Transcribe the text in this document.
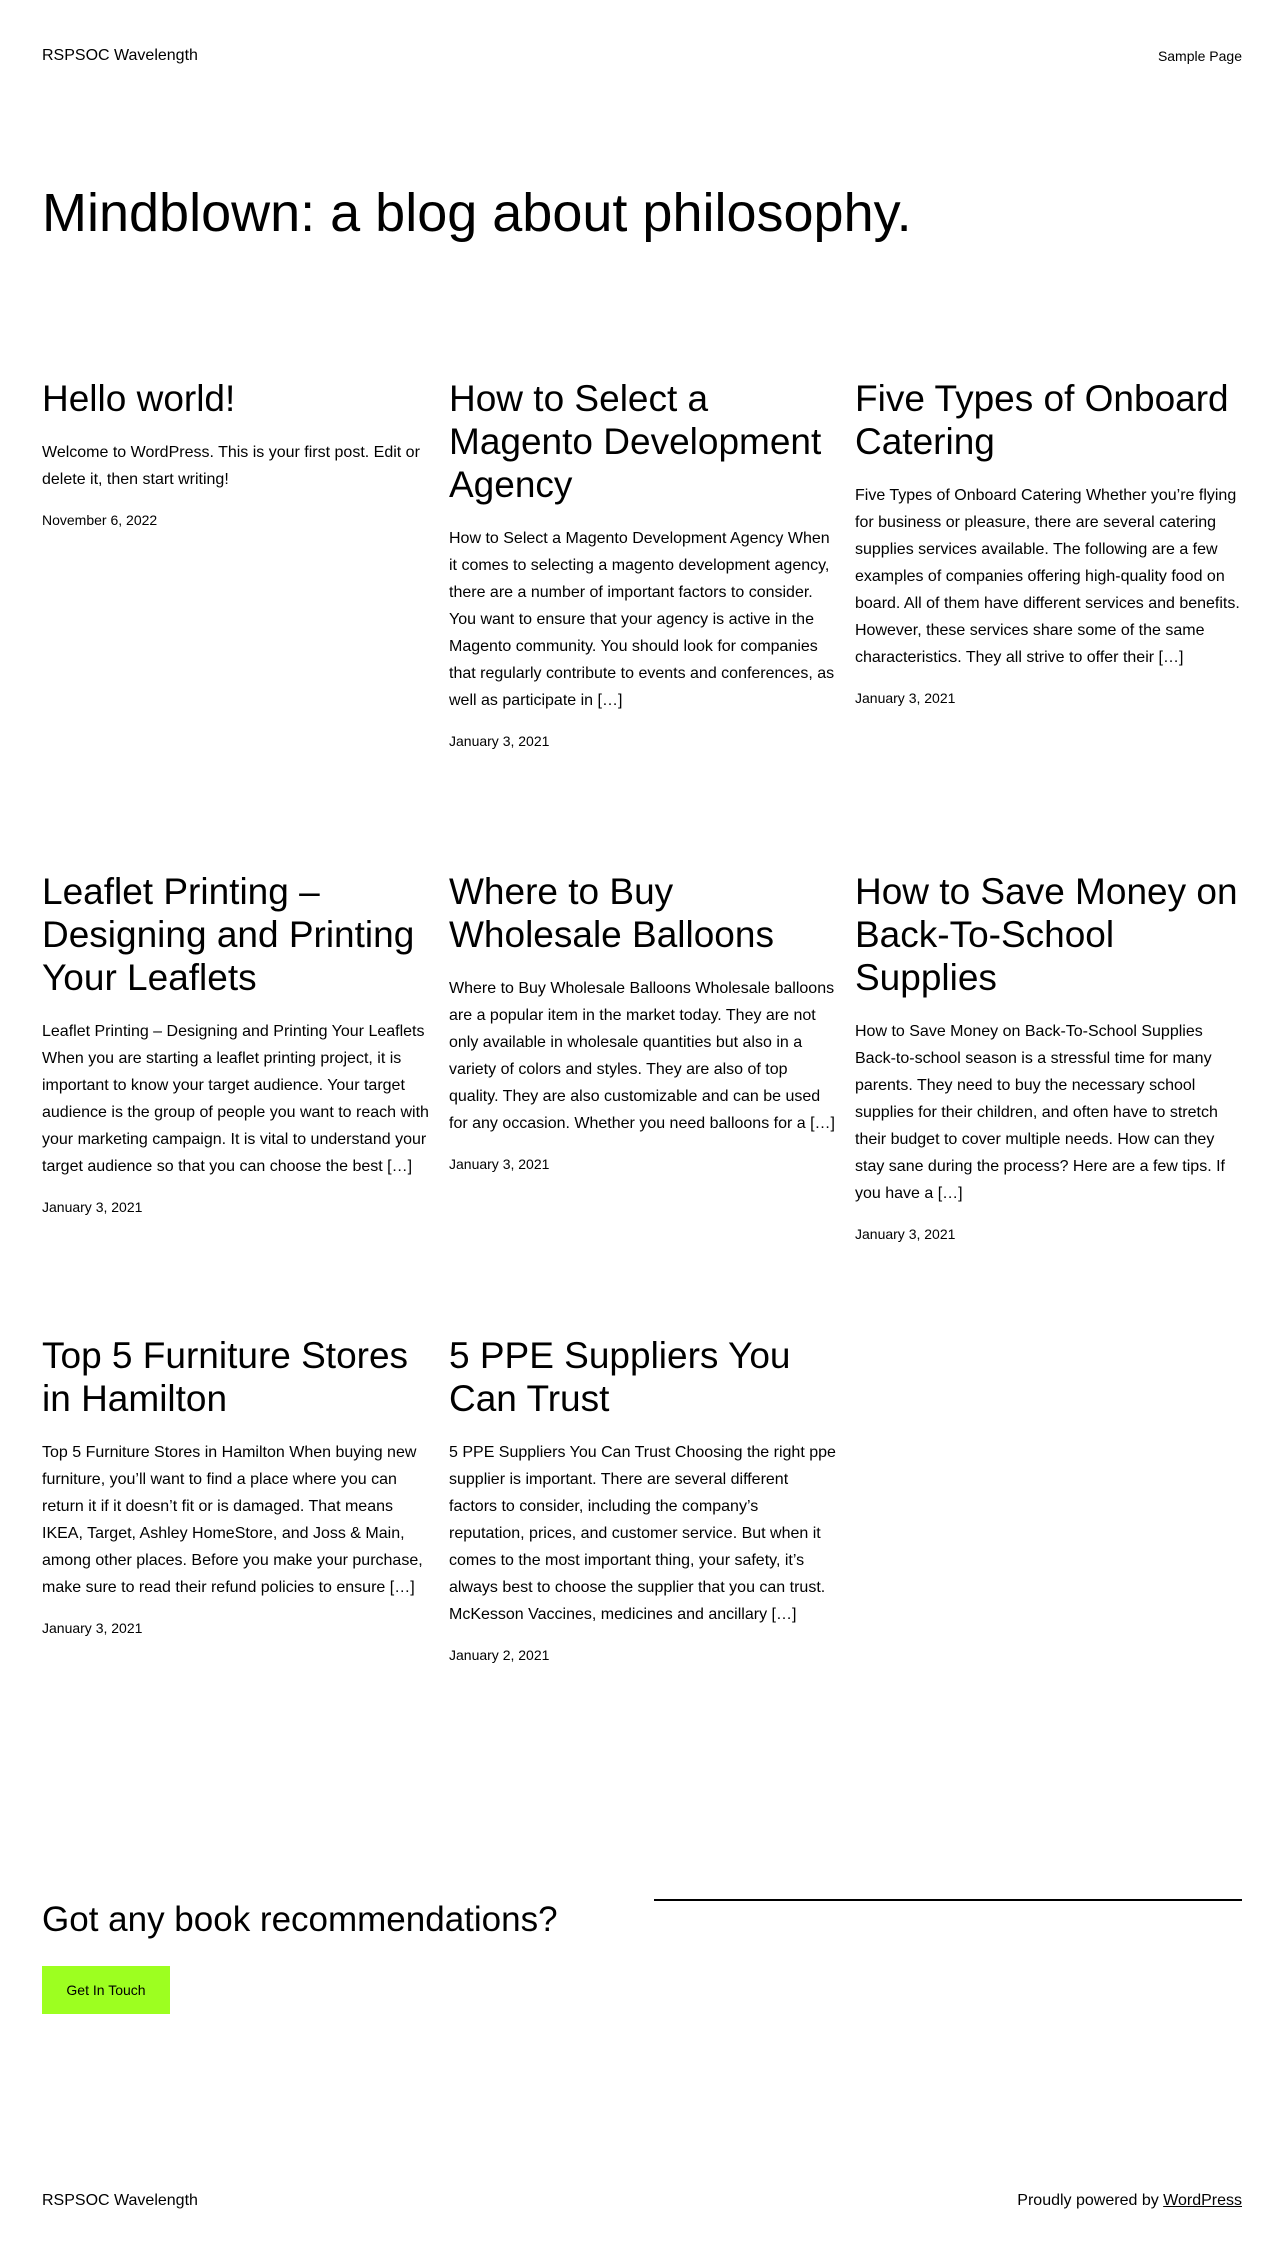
RSPSOC Wavelength	Sample Page
Mindblown: a blog about philosophy.
Hello world!

Welcome to WordPress. This is your first post. Edit or delete it, then start writing!

November 6, 2022
How to Select a Magento Development Agency

How to Select a Magento Development Agency When it comes to selecting a magento development agency, there are a number of important factors to consider. You want to ensure that your agency is active in the Magento community. You should look for companies that regularly contribute to events and conferences, as well as participate in […]

January 3, 2021
Five Types of Onboard Catering

Five Types of Onboard Catering Whether you’re flying for business or pleasure, there are several catering supplies services available. The following are a few examples of companies offering high-quality food on board. All of them have different services and benefits. However, these services share some of the same characteristics. They all strive to offer their […]

January 3, 2021
Leaflet Printing – Designing and Printing Your Leaflets

Leaflet Printing – Designing and Printing Your Leaflets When you are starting a leaflet printing project, it is important to know your target audience. Your target audience is the group of people you want to reach with your marketing campaign. It is vital to understand your target audience so that you can choose the best […]

January 3, 2021
Where to Buy Wholesale Balloons

Where to Buy Wholesale Balloons Wholesale balloons are a popular item in the market today. They are not only available in wholesale quantities but also in a variety of colors and styles. They are also of top quality. They are also customizable and can be used for any occasion. Whether you need balloons for a […]

January 3, 2021
How to Save Money on Back-To-School Supplies

How to Save Money on Back-To-School Supplies Back-to-school season is a stressful time for many parents. They need to buy the necessary school supplies for their children, and often have to stretch their budget to cover multiple needs. How can they stay sane during the process? Here are a few tips. If you have a […]

January 3, 2021
Top 5 Furniture Stores in Hamilton

Top 5 Furniture Stores in Hamilton When buying new furniture, you’ll want to find a place where you can return it if it doesn’t fit or is damaged. That means IKEA, Target, Ashley HomeStore, and Joss & Main, among other places. Before you make your purchase, make sure to read their refund policies to ensure […]

January 3, 2021
5 PPE Suppliers You Can Trust

5 PPE Suppliers You Can Trust Choosing the right ppe supplier is important. There are several different factors to consider, including the company’s reputation, prices, and customer service. But when it comes to the most important thing, your safety, it’s always best to choose the supplier that you can trust. McKesson Vaccines, medicines and ancillary […]

January 2, 2021
Got any book recommendations?
Get In Touch
RSPSOC Wavelength	Proudly powered by WordPress
